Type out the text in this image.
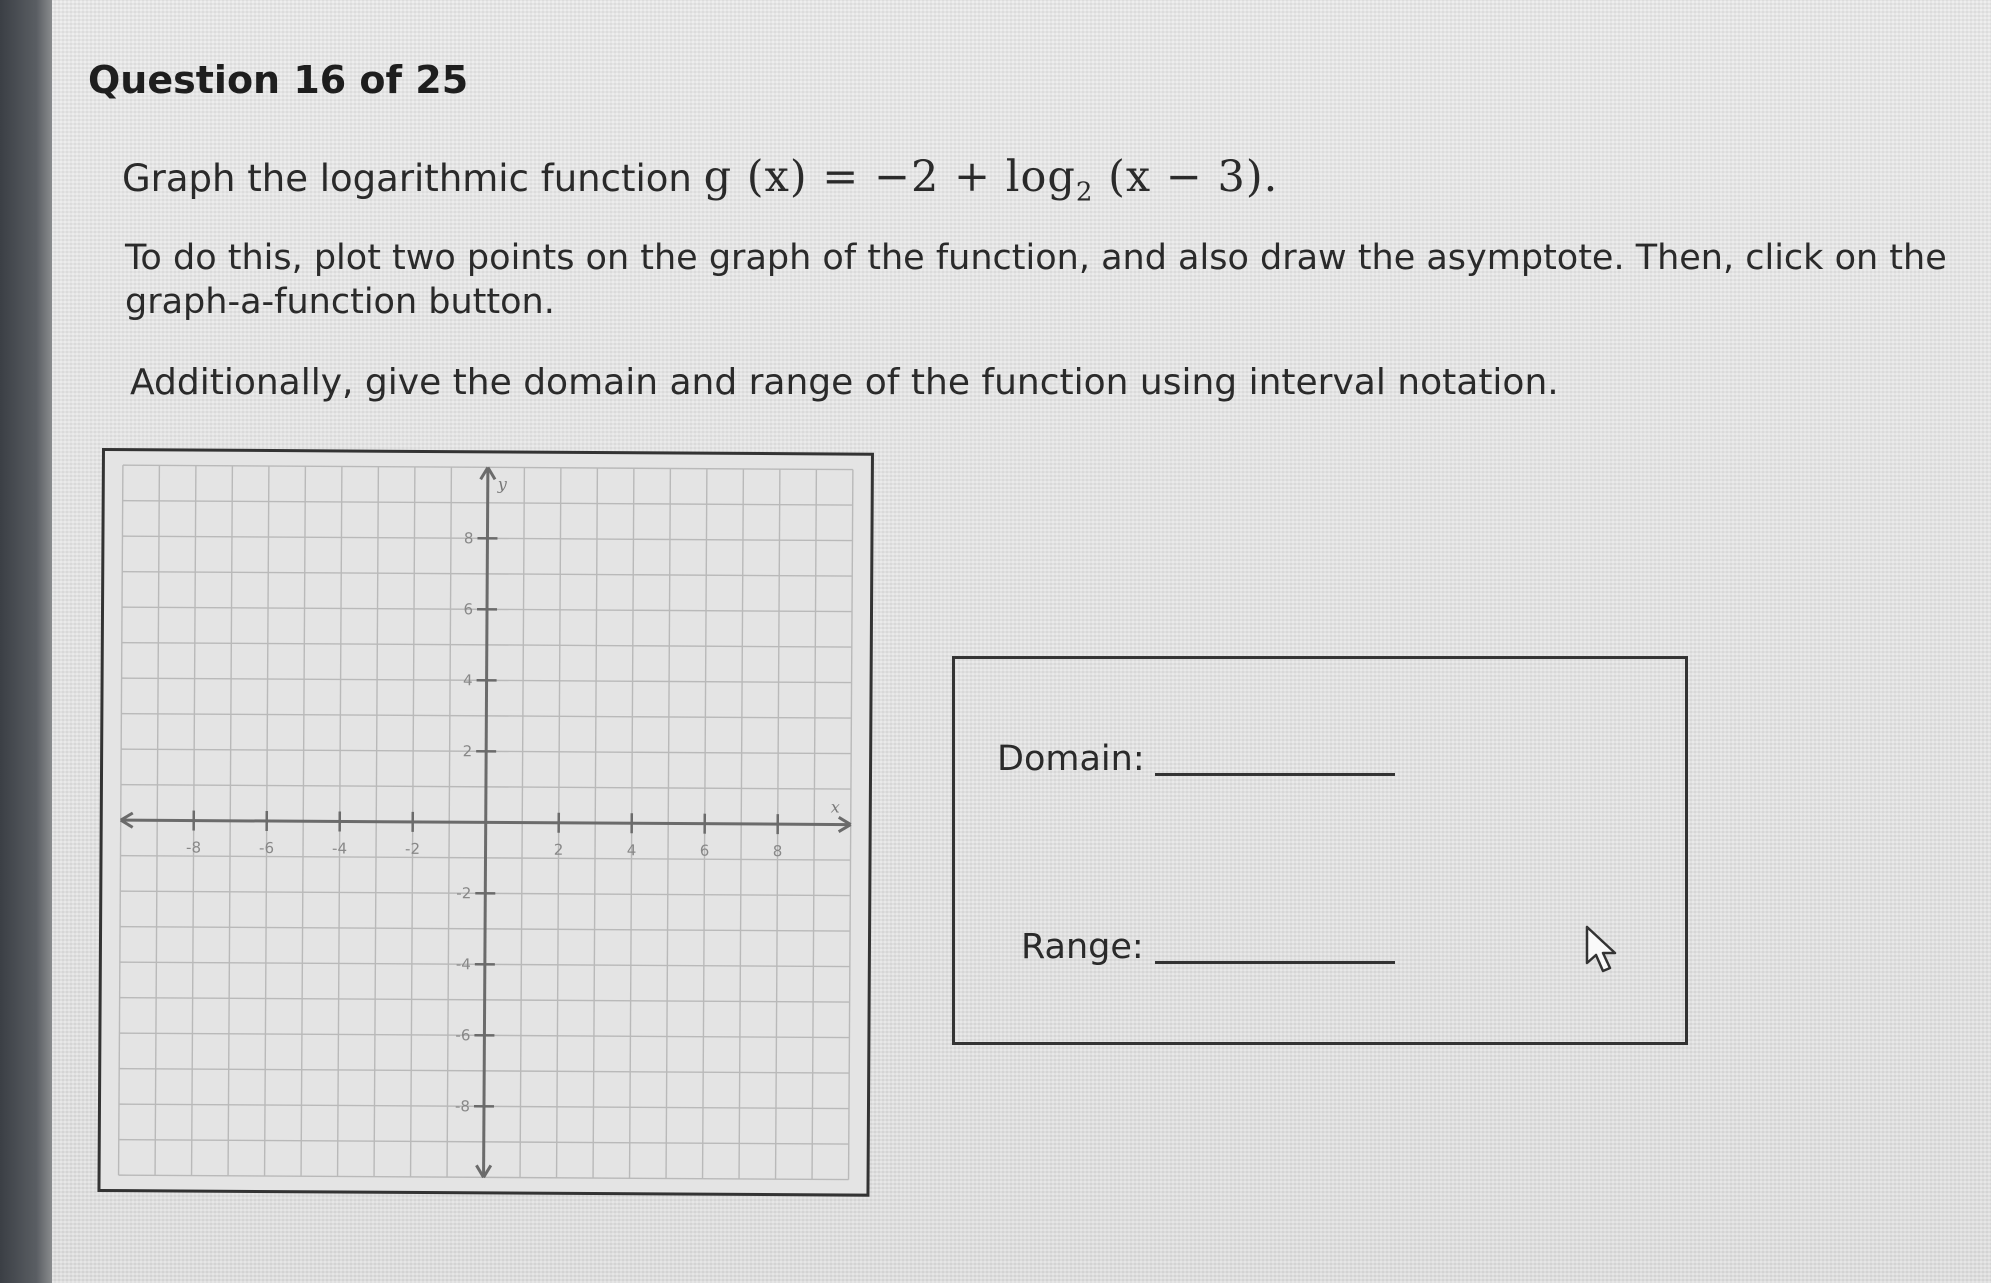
Question 16 of 25
Graph the logarithmic function g $(x) = -2 + \log_2 (x - 3)$.
To do this, plot two points on the graph of the function, and also draw the asymptote. Then, click on the graph-a-function button.
Additionally, give the domain and range of the function using interval notation.
x
y
-8	-6	-4	-2	2	4	6	8
8
6
4
2
-2
-4
-6
-8
Domain:
Range:
